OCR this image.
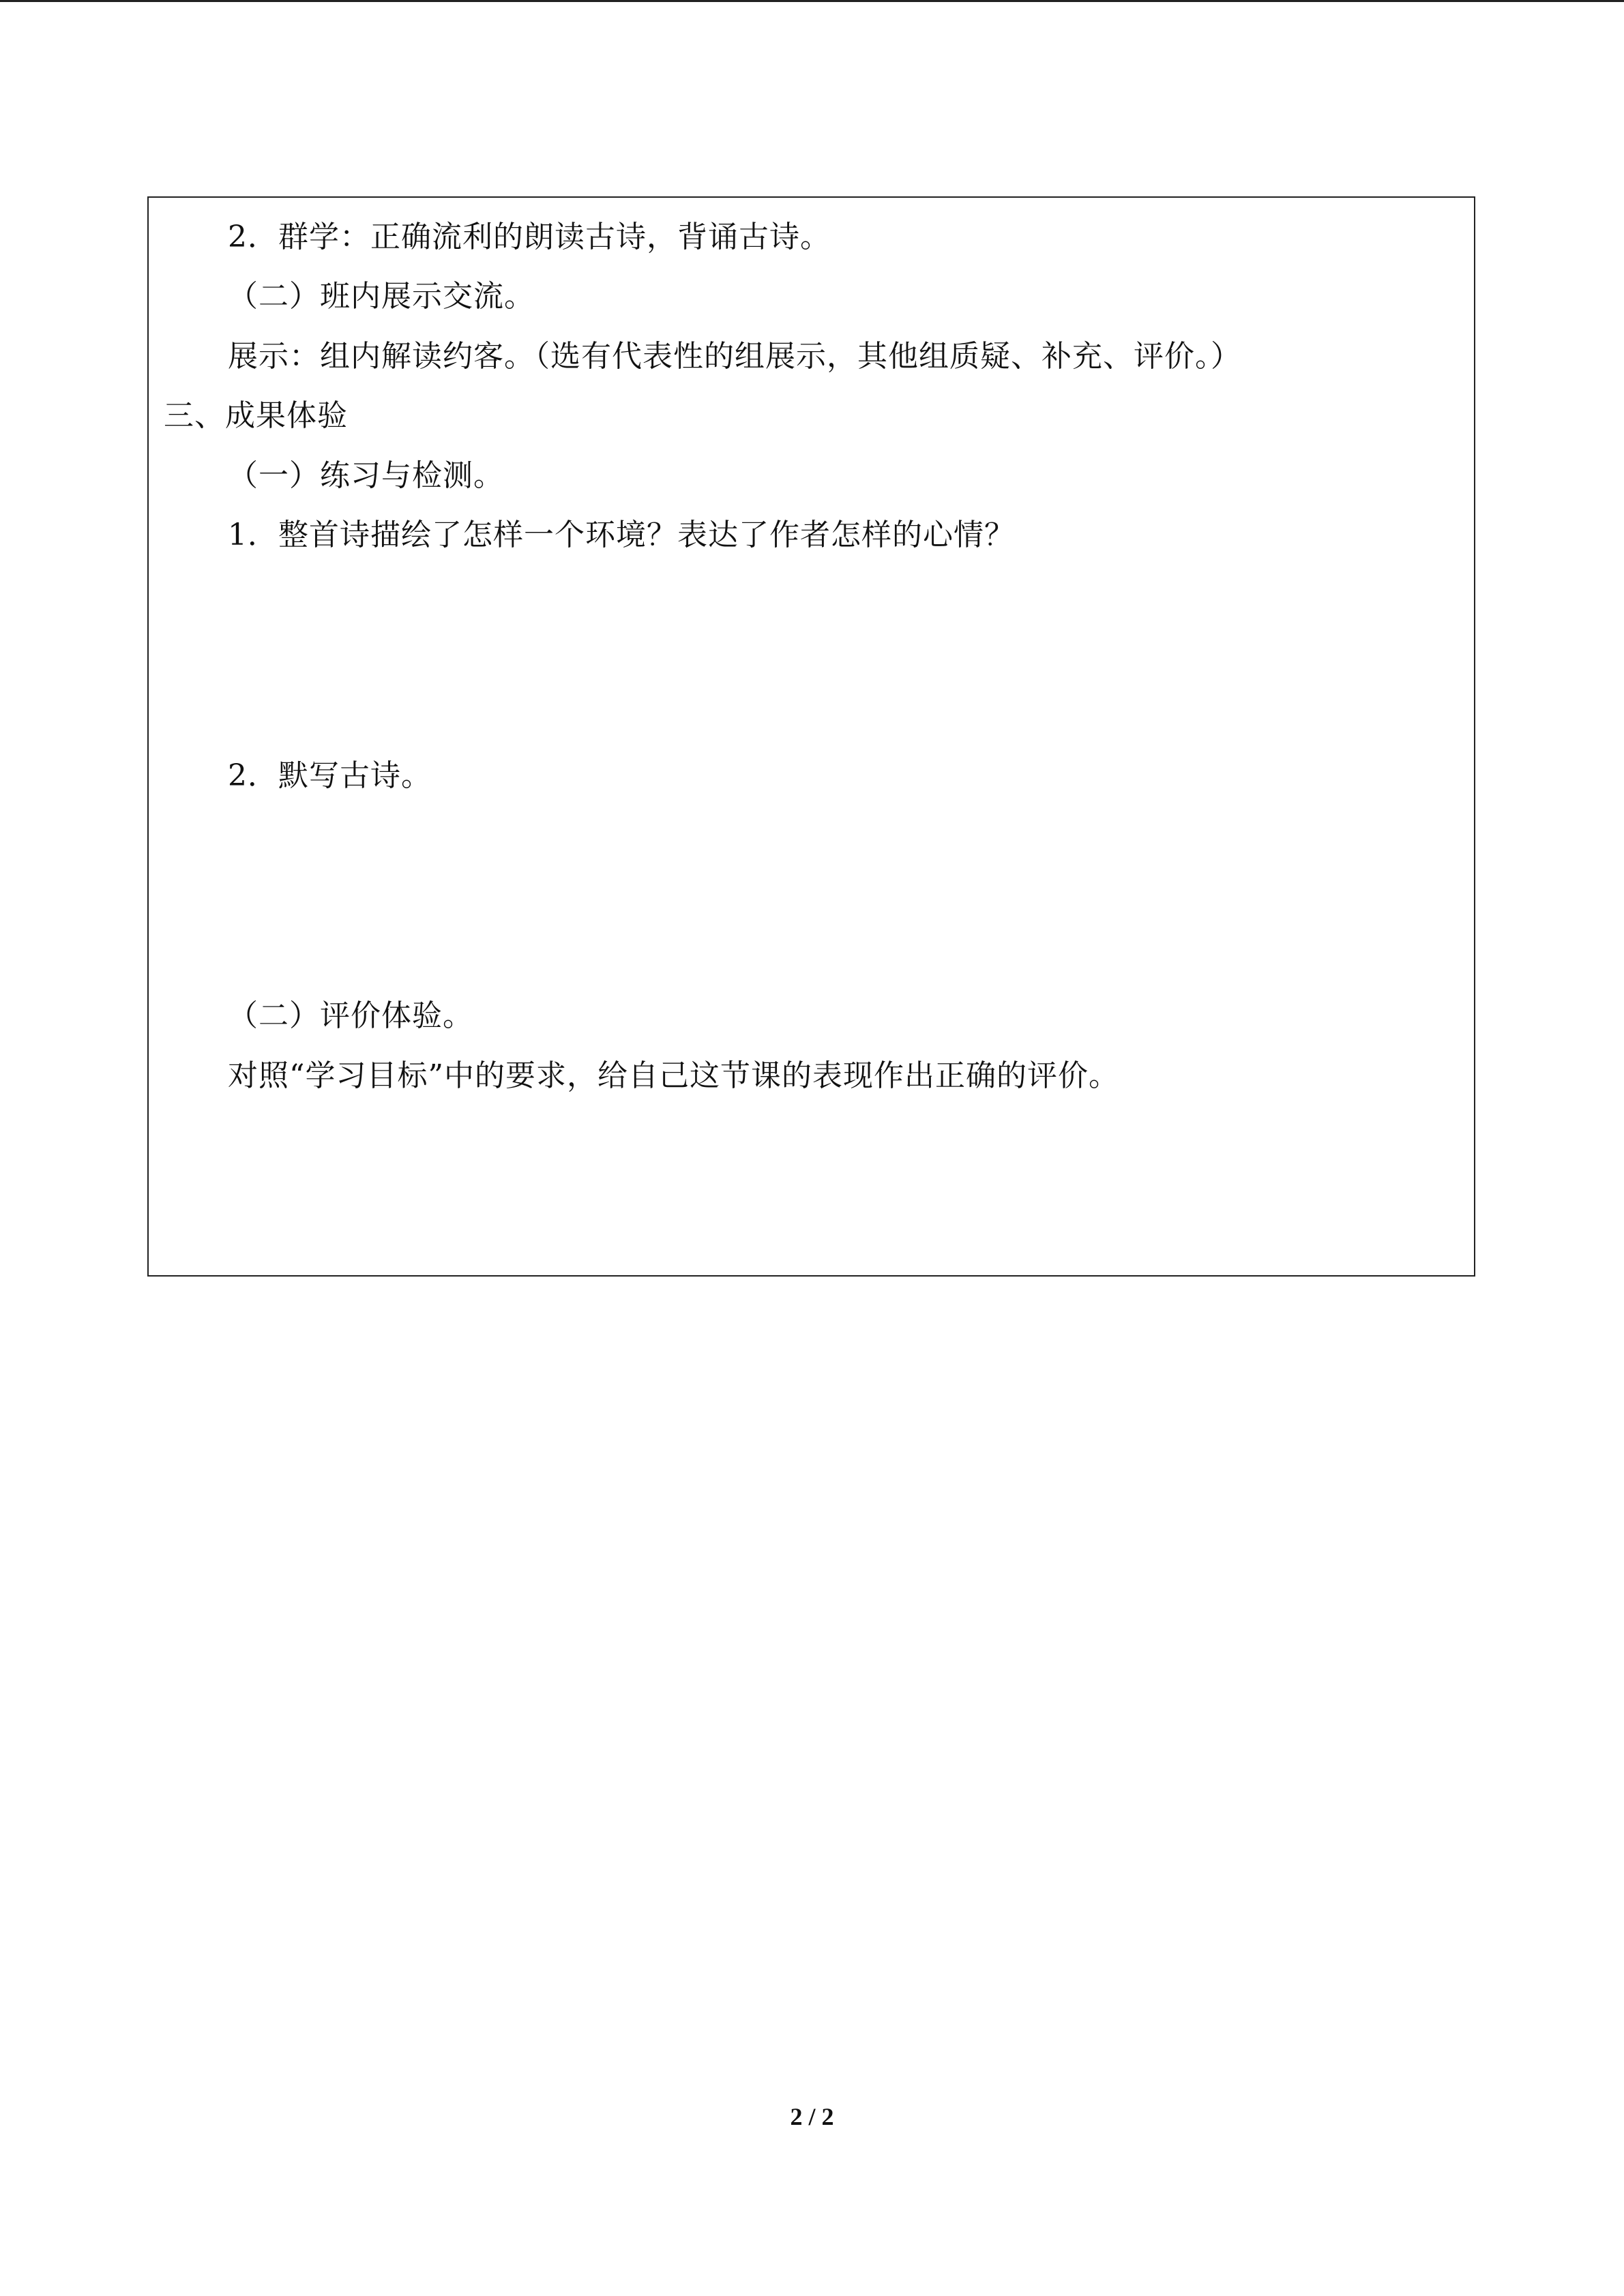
2．群学：正确流利的朗读古诗，背诵古诗。
（二）班内展示交流。
展示：组内解读约客。（选有代表性的组展示，其他组质疑、补充、评价。）
三、成果体验
（一）练习与检测。
1．整首诗描绘了怎样一个环境？表达了作者怎样的心情？
2．默写古诗。
（二）评价体验。
对照“学习目标”中的要求，给自己这节课的表现作出正确的评价。
2 / 2
